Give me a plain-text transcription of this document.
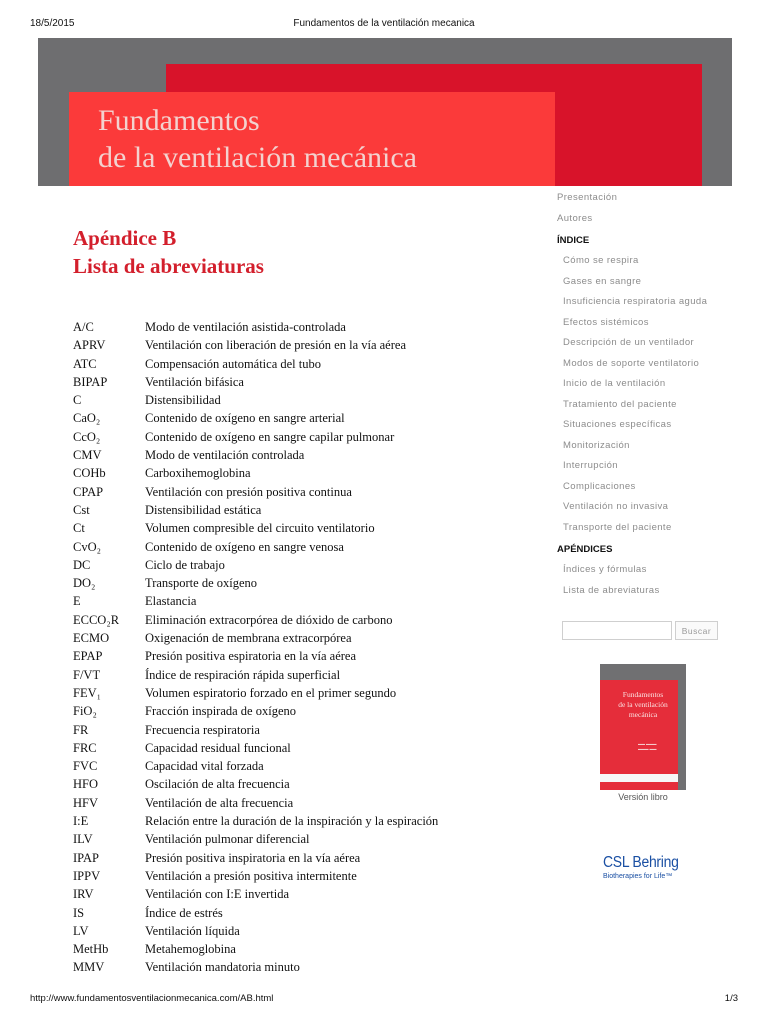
18/5/2015	Fundamentos de la ventilación mecanica
Fundamentos
de la ventilación mecánica
Apéndice B
Lista de abreviaturas
A/C	Modo de ventilación asistida-controlada
APRV	Ventilación con liberación de presión en la vía aérea
ATC	Compensación automática del tubo
BIPAP	Ventilación bifásica
C	Distensibilidad
CaO₂	Contenido de oxígeno en sangre arterial
CcO₂	Contenido de oxígeno en sangre capilar pulmonar
CMV	Modo de ventilación controlada
COHb	Carboxihemoglobina
CPAP	Ventilación con presión positiva continua
Cst	Distensibilidad estática
Ct	Volumen compresible del circuito ventilatorio
CvO₂	Contenido de oxígeno en sangre venosa
DC	Ciclo de trabajo
DO₂	Transporte de oxígeno
E	Elastancia
ECCO₂R Eliminación extracorpórea de dióxido de carbono
ECMO	Oxigenación de membrana extracorpórea
EPAP	Presión positiva espiratoria en la vía aérea
F/VT	Índice de respiración rápida superficial
FEV₁	Volumen espiratorio forzado en el primer segundo
FiO₂	Fracción inspirada de oxígeno
FR	Frecuencia respiratoria
FRC	Capacidad residual funcional
FVC	Capacidad vital forzada
HFO	Oscilación de alta frecuencia
HFV	Ventilación de alta frecuencia
I:E	Relación entre la duración de la inspiración y la espiración
ILV	Ventilación pulmonar diferencial
IPAP	Presión positiva inspiratoria en la vía aérea
IPPV	Ventilación a presión positiva intermitente
IRV	Ventilación con I:E invertida
IS	Índice de estrés
LV	Ventilación líquida
MetHb	Metahemoglobina
MMV	Ventilación mandatoria minuto
Presentación
Autores
ÍNDICE
Cómo se respira
Gases en sangre
Insuficiencia respiratoria aguda
Efectos sistémicos
Descripción de un ventilador
Modos de soporte ventilatorio
Inicio de la ventilación
Tratamiento del paciente
Situaciones específicas
Monitorización
Interrupción
Complicaciones
Ventilación no invasiva
Transporte del paciente
APÉNDICES
Índices y fórmulas
Lista de abreviaturas
Buscar
Fundamentos
de la ventilación
mecánica
▬▬ ▬▬▬
▬▬▬ ▬▬
Versión libro
CSL Behring
Biotherapies for Life™
http://www.fundamentosventilacionmecanica.com/AB.html	1/3
